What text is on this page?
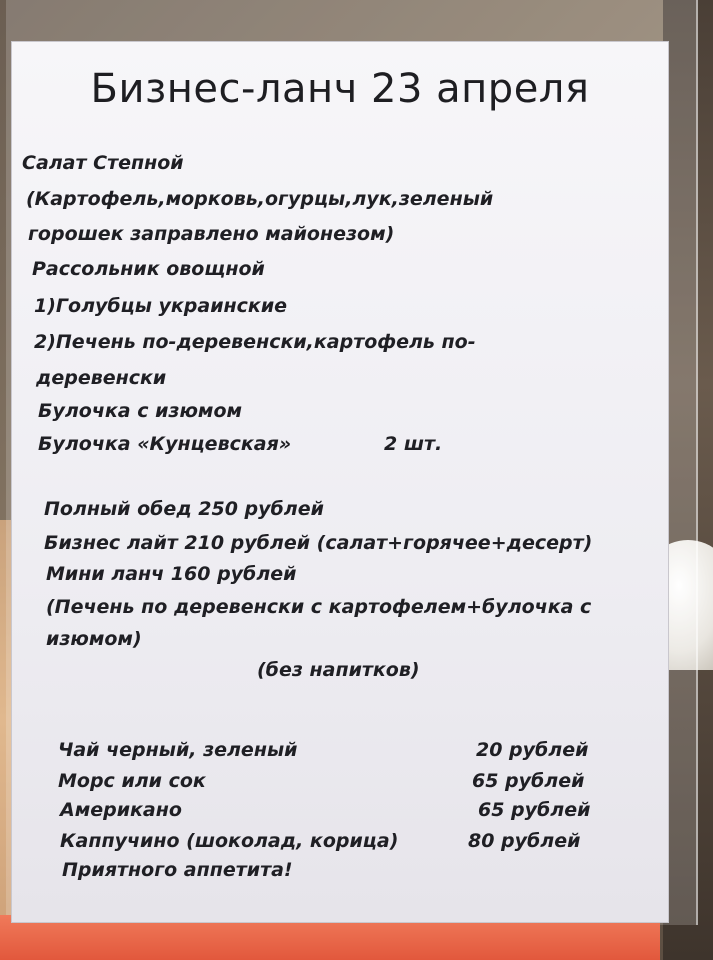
Бизнес-ланч 23 апреля
Салат Степной
(Картофель,морковь,огурцы,лук,зеленый
горошек заправлено майонезом)
Рассольник овощной
1)Голубцы украинские
2)Печень по-деревенски,картофель по-
деревенски
Булочка с изюмом
Булочка «Кунцевская»	2 шт.
Полный обед 250 рублей
Бизнес лайт 210 рублей (салат+горячее+десерт)
Мини ланч 160 рублей
(Печень по деревенски с картофелем+булочка с
изюмом)
(без напитков)
Чай черный, зеленый	20 рублей
Морс или сок	65 рублей
Американо	65 рублей
Каппучино (шоколад, корица)	80 рублей
Приятного аппетита!
